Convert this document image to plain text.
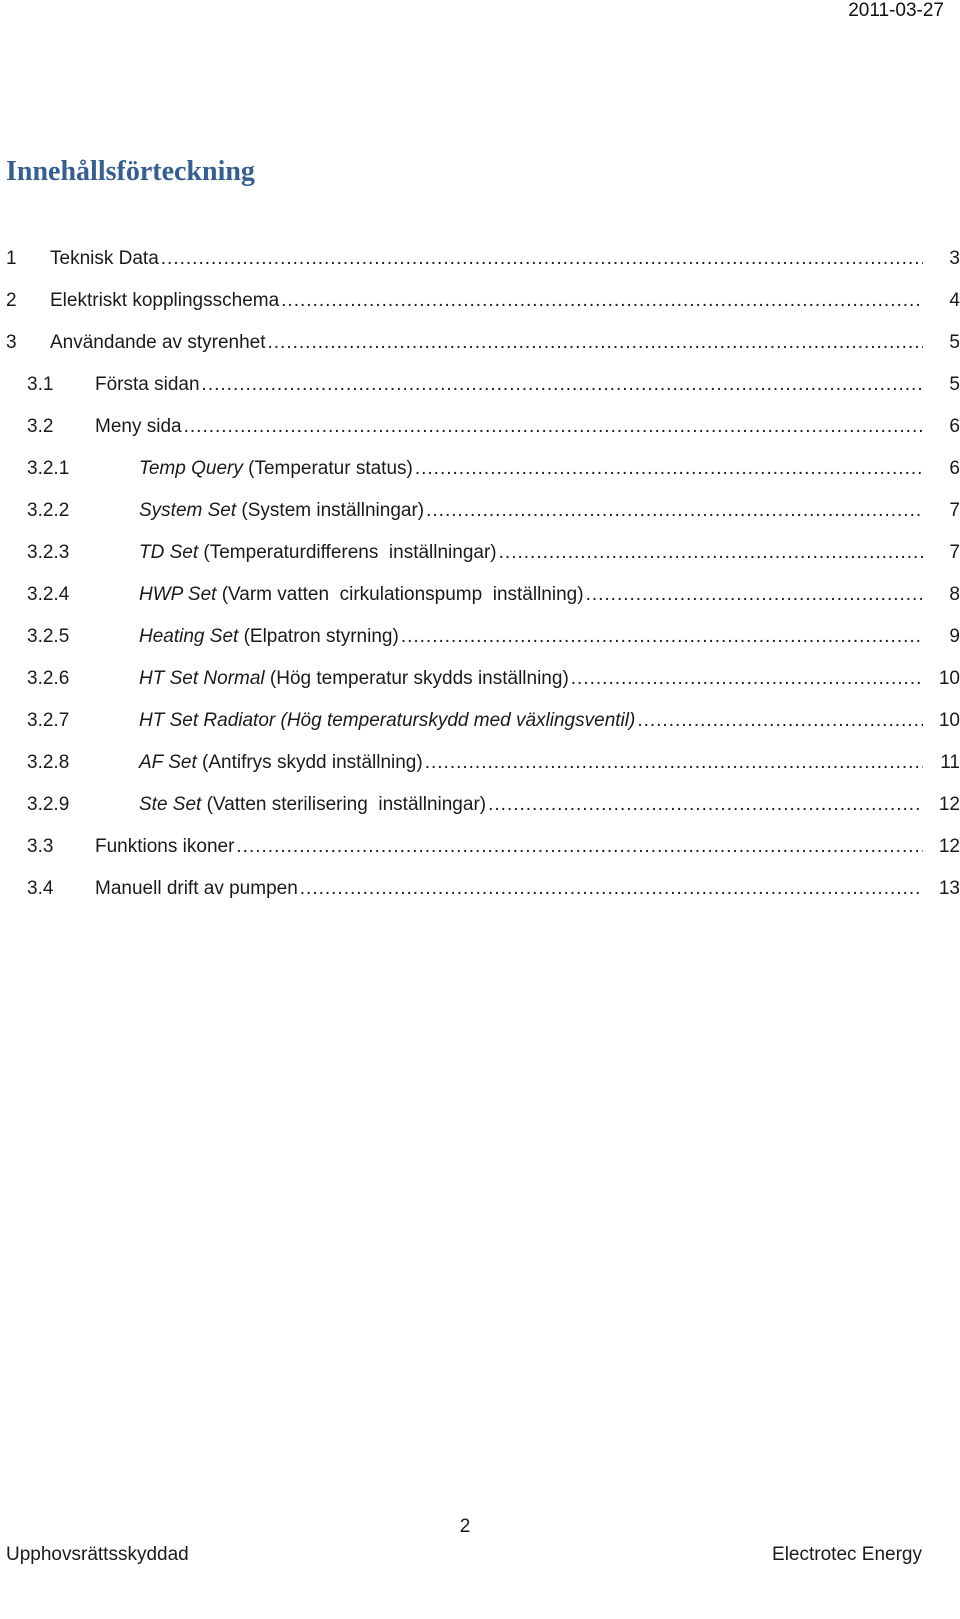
2011-03-27
Innehållsförteckning
1 Teknisk Data .....	3
2 Elektriskt kopplingsschema .....	4
3 Användande av styrenhet .....	5
3.1 Första sidan .....	5
3.2 Meny sida .....	6
3.2.1	Temp Query (Temperatur status) .....	6
3.2.2	System Set (System inställningar) .....	7
3.2.3	TD Set (Temperaturdifferens  inställningar) .....	7
3.2.4	HWP Set (Varm vatten  cirkulationspump  inställning) .....	8
3.2.5	Heating Set (Elpatron styrning) .....	9
3.2.6	HT Set Normal (Hög temperatur skydds inställning) .....	10
3.2.7	HT Set Radiator (Hög temperaturskydd med växlingsventil) .....	10
3.2.8	AF Set (Antifrys skydd inställning) .....	11
3.2.9	Ste Set (Vatten sterilisering  inställningar) .....	12
3.3 Funktions ikoner .....	12
3.4 Manuell drift av pumpen .....	13
2
Upphovsrättsskyddad	Electrotec Energy
